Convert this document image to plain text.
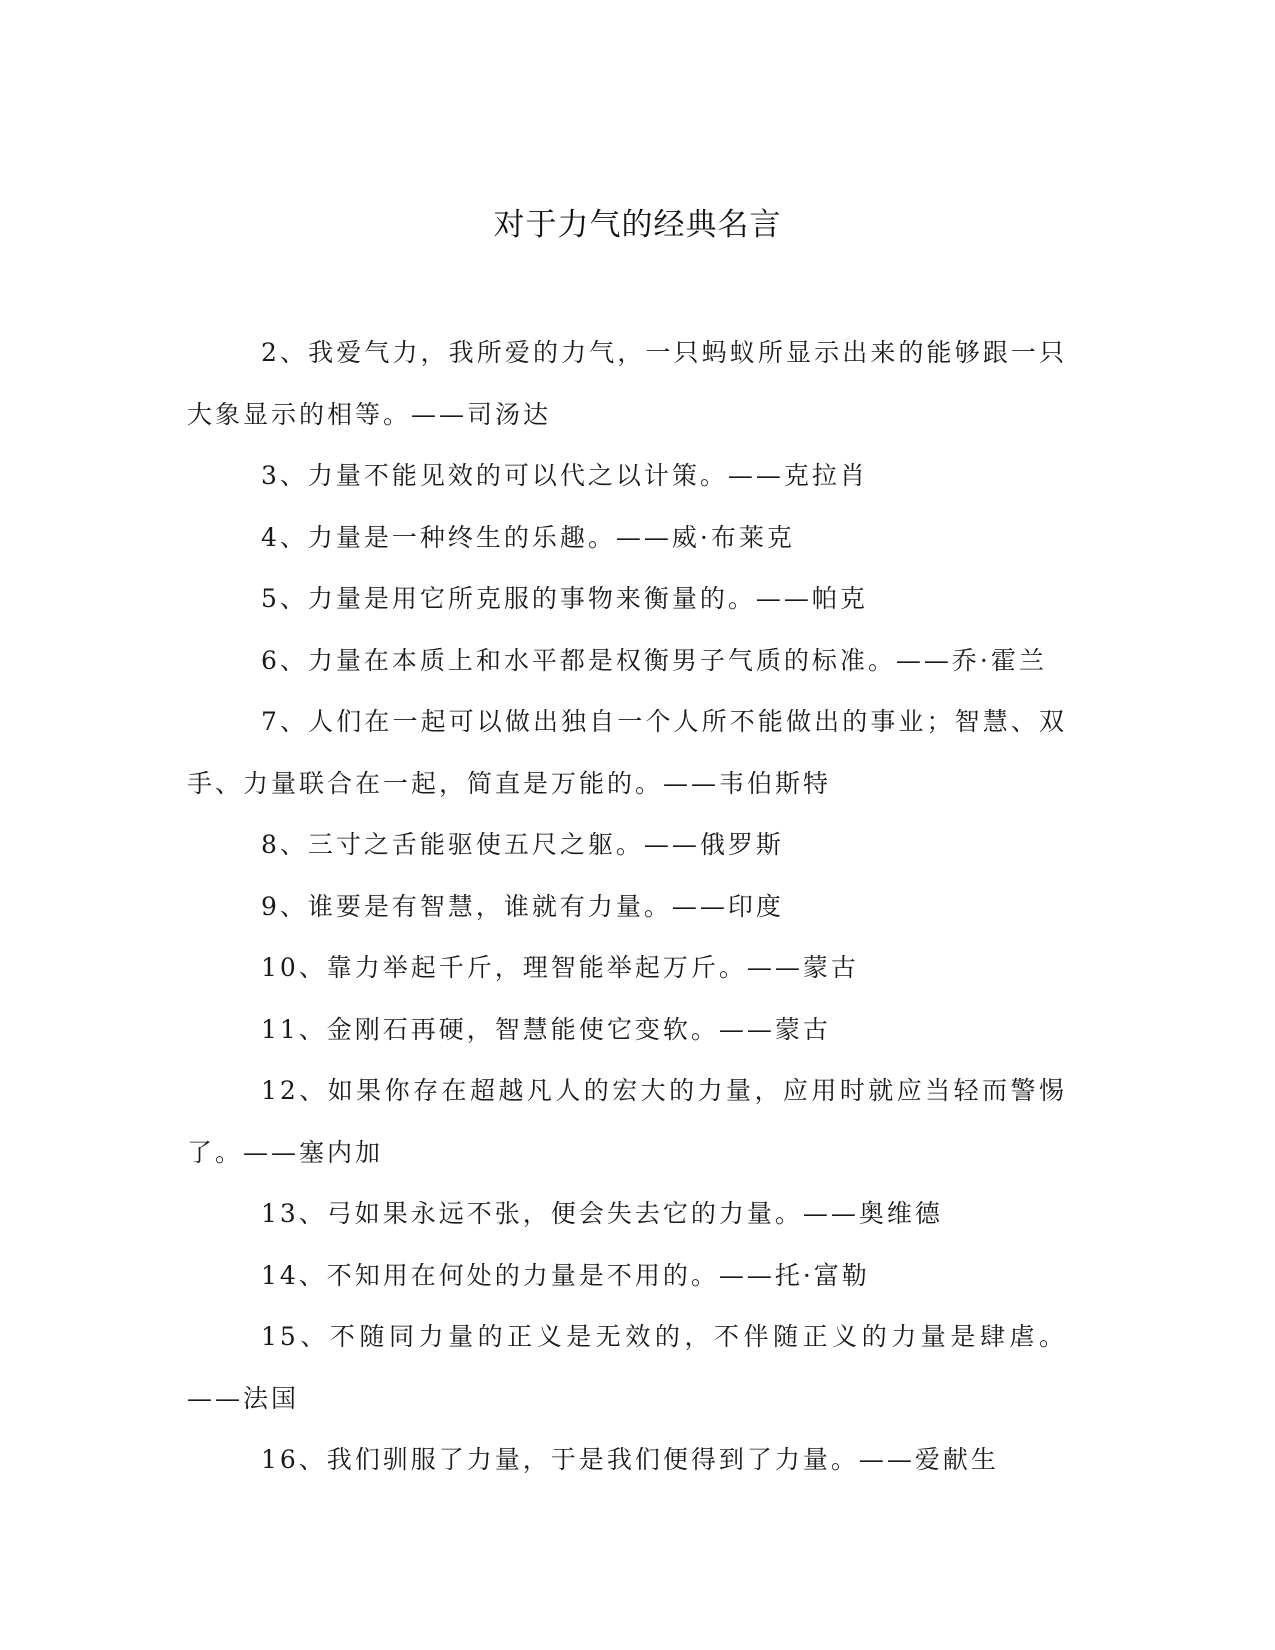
对于力气的经典名言

2、我爱气力，我所爱的力气，一只蚂蚁所显示出来的能够跟一只大象显示的相等。——司汤达

3、力量不能见效的可以代之以计策。——克拉肖

4、力量是一种终生的乐趣。——威·布莱克

5、力量是用它所克服的事物来衡量的。——帕克

6、力量在本质上和水平都是权衡男子气质的标准。——乔·霍兰

7、人们在一起可以做出独自一个人所不能做出的事业；智慧、双手、力量联合在一起，简直是万能的。——韦伯斯特

8、三寸之舌能驱使五尺之躯。——俄罗斯

9、谁要是有智慧，谁就有力量。——印度

10、靠力举起千斤，理智能举起万斤。——蒙古

11、金刚石再硬，智慧能使它变软。——蒙古

12、如果你存在超越凡人的宏大的力量，应用时就应当轻而警惕了。——塞内加

13、弓如果永远不张，便会失去它的力量。——奥维德

14、不知用在何处的力量是不用的。——托·富勒

15、不随同力量的正义是无效的，不伴随正义的力量是肆虐。——法国

16、我们驯服了力量，于是我们便得到了力量。——爱献生
